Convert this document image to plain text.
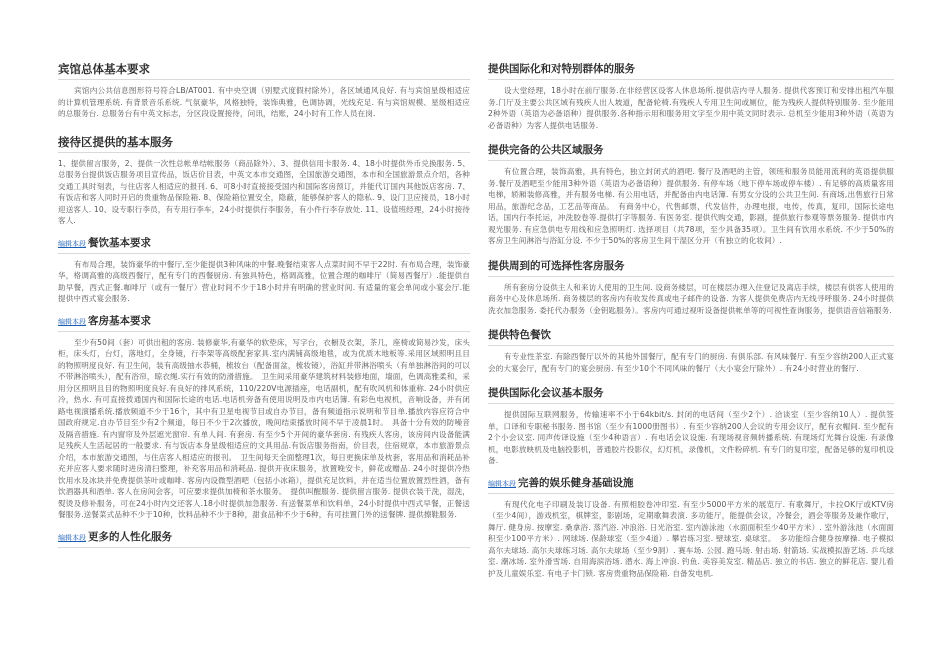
宾馆总体基本要求

宾馆内公共信息图形符号符合LB/AT001. 有中央空调（别墅式度假村除外），各区域通风良好. 有与宾馆星级相适应的计算机管理系统. 有背景音乐系统. 气氛豪华，风格独特，装饰典雅，色调协调，光线充足. 有与宾馆规模、星级相适应的总服务台. 总服务台有中英文标志，分区段设置接待，问讯，结账，24小时有工作人员在岗.

接待区提供的基本服务

1、提供留言服务，2、提供一次性总帐单结帐服务（商品除外）、3、提供信用卡服务. 4、18小时提供外币兑换服务. 5、总服务台提供饭店服务项目宣传品，饭店价目表，中英文本市交通图，全国旅游交通图，本市和全国旅游景点介绍，各种交通工具时刻表，与住店客人相适应的报刊. 6、可8小时直接接受国内和国际客房预订，并能代订国内其他饭店客房. 7、有饭店和客人同时开启的贵重物品保险箱. 8、保险箱位置安全，隐蔽，能够保护客人的隐私. 9、设门卫应接员，18小时迎送客人. 10、设专职行李员，有专用行李车，24小时提供行李服务，有小件行李存放处. 11、设值班经理，24小时接待客人.

编辑本段 餐饮基本要求

有布局合理，装饰豪华的中餐厅,至少能提供3种风味的中餐.晚餐结束客人点菜时间不早于22时. 有布局合理，装饰豪华，格调高雅的高级西餐厅，配有专门的西餐厨房. 有独具特色，格调高雅，位置合理的咖啡厅（简易西餐厅）.能提供自助早餐，西式正餐.咖啡厅（或有一餐厅）营业时间不少于18小时并有明确的营业时间. 有适量的宴会单间或小宴会厅.能提供中西式宴会服务.

编辑本段 客房基本要求

至少有50间（套）可供出租的客房. 装修豪华,有豪华的软垫床，写字台，衣橱及衣架，茶几，座椅或简易沙发，床头柜，床头灯，台灯，落地灯，全身镜，行李架等高级配套家具.室内满铺高级地毯，或为优质木地板等.采用区域照明且目的物照明度良好. 有卫生间，装有高级抽水恭桶，梳妆台（配备面盆，梳妆镜），浴缸并带淋浴喷头（有单独淋浴间的可以不带淋浴喷头），配有浴帘，晾衣绳.实行有效的防滑措施。　卫生间采用豪华建筑材料装修地面，墙面，色调高雅柔和，采用分区照明且目的物照明度良好.有良好的排风系统，110/220V电源插座，电话副机，配有吹风机和体重称. 24小时供应冷，热水. 有可直接拨通国内和国际长途的电话.电话机旁备有使用说明及市内电话簿. 有彩色电视机，音响设备，并有闭路电视演播系统.播放频道不少于16个，其中有卫星电视节目或自办节目，备有频道指示说明和节目单.播放内容应符合中国政府规定.自办节目至少有2个频道，每日不少于2次播放，晚间结束播放时间不早于凌晨1时。　具备十分有效的防噪音及隔音措施. 有内窗帘及外层遮光窗帘. 有单人间. 有套房. 有至少5个开间的豪华套房. 有残疾人客房，该房间内设备能满足残疾人生活起居的一般要求. 有与饭店本身星级相适应的文具用品.有饭店服务指南，价目表，住宿规章，本市旅游景点介绍，本市旅游交通图，与住店客人相适应的报刊。　卫生间每天全面整理1次，每日更换床单及枕套，客用品和消耗品补充并应客人要求随时进房清扫整理，补充客用品和消耗品. 提供开夜床服务，放置晚安卡，鲜花或赠品. 24小时提供冷热饮用水及冰块并免费提供茶叶或咖啡. 客房内设微型酒吧（包括小冰箱），提供充足饮料，并在适当位置放置烈性酒，备有饮酒器具和酒单. 客人在房间会客，可应要求提供加椅和茶水服务。　提供叫醒服务. 提供留言服务. 提供衣装干洗，湿洗，熨烫及修补服务，可在24小时内交还客人.18小时提供加急服务. 有送餐菜单和饮料单，24小时提供中西式早餐，正餐送餐服务.送餐菜式品种不少于10种，饮料品种不少于8种，甜食品种不少于6种，有可挂置门外的送餐牌. 提供擦鞋服务.

编辑本段 更多的人性化服务
提供国际化和对特别群体的服务

设大堂经理，18小时在前厅服务.在非经营区设客人休息场所.提供店内寻人服务. 提供代客预订和安排出租汽车服务.门厅及主要公共区域有残疾人出人坡道，配备轮椅.有残疾人专用卫生间或厕位，能为残疾人提供特别服务. 至少能用2种外语（英语为必备语种）提供服务.各种指示用和服务用文字至少用中英文同时表示. 总机至少能用3种外语（英语为必备语种）为客人提供电话服务.

提供完备的公共区域服务

有位置合理，装饰高雅，具有特色，独立封闭式的酒吧. 餐厅及酒吧的主管，领班和服务员能用流利的英语提供服务.餐厅及酒吧至少能用3种外语（英语为必备语种）提供服务. 有停车场（地下停车场或停车楼）. 有足够的高质量客用电梯，轿厢装修高雅，并有服务电梯. 有公用电话，并配备由内电话簿. 有男女分设的公共卫生间. 有商场,出售旅行日常用品，旅游纪念品，工艺品等商品。　有商务中心，代售邮票，代发信件，办理电报，电传，传真，复印，国际长途电话，国内行李托运，冲洗胶卷等.提供打字等服务. 有医务室. 提供代购交通，影剧，提供旅行参观等票务服务. 提供市内观光服务. 有应急供电专用线和应急照明灯. 选择项目（共78项，至少具备35项）。卫生间有饮用水系统. 不少于50%的客房卫生间淋浴与浴缸分设. 不少于50%的客房卫生间干湿区分开（有独立的化妆间）.

提供周到的可选择性客房服务

所有套房分设供主人和来访人使用的卫生间. 设商务楼层，可在楼层办理入住登记及离店手续，楼层有供客人使用的商务中心及休息场所. 商务楼层的客房内有收发传真或电子邮件的设备. 为客人提供免费店内无线寻呼服务. 24小时提供洗衣加急服务. 委托代办服务（金钥匙服务）。客房内可通过视听设备提供帐单等的可视性查询服务，提供语音信箱服务.

提供特色餐饮

有专业性茶室. 有除西餐厅以外的其他外国餐厅，配有专门的厨房. 有俱乐部. 有风味餐厅. 有至少容纳200人正式宴会的大宴会厅，配有专门的宴会厨房. 有至少10个不同风味的餐厅（大小宴会厅除外）. 有24小时营业的餐厅.

提供国际化会议基本服务

提供国际互联网服务，传输速率不小于64kbit/s. 封闭的电话间（至少2个）. 洽谈室（至少容纳10人）. 提供签单，口译和专职秘书服务. 图书馆（至少有1000册图书）. 有至少容纳200人会议的专用会议厅，配有衣帽间. 至少配有2个小会议室. 同声传译设施（至少4种语言）. 有电话会议设施. 有现场视音频转播系统. 有现场灯光舞台设施. 有录像机，电影放映机及电脑投影机，普通胶片投影仪，幻灯机，录像机，文件粉碎机. 有专门的复印室，配备足够的复印机设备.

编辑本段 完善的娱乐健身基础设施

有现代化电子印刷及装订设备. 有照相胶卷冲印室. 有至少5000平方米的展览厅. 有歌舞厅，卡拉OK厅或KTV房（至少4间），游戏机室，棋牌室，影剧场，定期歌舞表演. 多功能厅，能提供会议，冷餐会，酒会等服务及兼作歌厅，舞厅. 健身房. 按摩室. 桑拿浴. 蒸汽浴. 冲浪浴. 日光浴室. 室内游泳池（水面面积至少40平方米）. 室外游泳池（水面面积至少100平方米）. 网球场. 保龄球室（至少4道）. 攀岩练习室. 壁球室. 桌球室。　多功能综合健身按摩操. 电子模拟高尔夫球场. 高尔夫球练习场. 高尔夫球场（至少9洞）. 赛车场. 公园. 跑马场. 射击场. 射箭场. 实战模拟游艺场. 乒乓球室. 潮冰场. 室外滑雪场. 自用海滨浴场. 潜水. 海上冲浪. 钓鱼. 美容美发室. 精品店. 独立的书店. 独立的鲜花店. 婴儿看护及儿童娱乐室. 有电子卡门锁. 客房贵重物品保险箱. 自备发电机.
